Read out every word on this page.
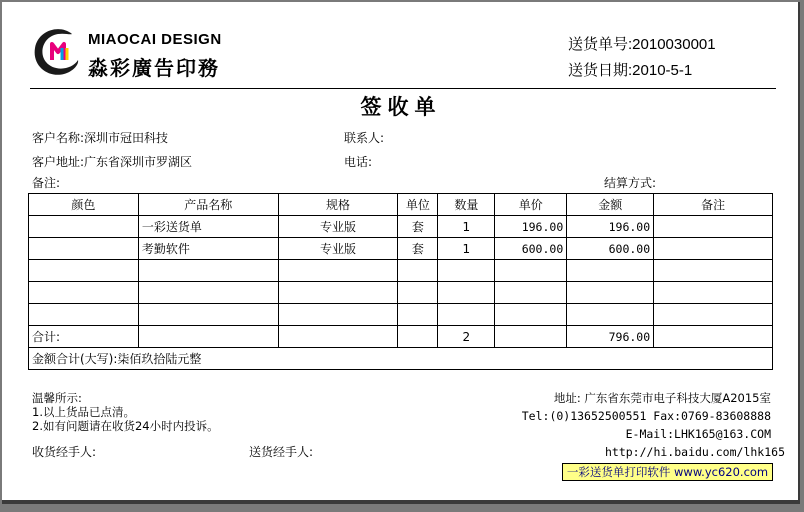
MIAOCAI DESIGN
淼彩廣告印務
送货单号:2010030001
送货日期:2010-5-1
签收单
客户名称:深圳市冠田科技	联系人:
客户地址:广东省深圳市罗湖区	电话:
备注:	结算方式:
颜色	产品名称	规格	单位	数量	单价	金额	备注
	一彩送货单	专业版	套	1	196.00	196.00	
	考勤软件	专业版	套	1	600.00	600.00	

合计:				2		796.00	
金额合计(大写):柒佰玖拾陆元整							
温馨所示:
1.以上货品已点清。
2.如有问题请在收货24小时内投诉。
收货经手人:	送货经手人:
地址: 广东省东莞市电子科技大厦A2015室
Tel:(0)13652500551 Fax:0769-83608888
E-Mail:LHK165@163.COM
http://hi.baidu.com/lhk165
一彩送货单打印软件 www.yc620.com
